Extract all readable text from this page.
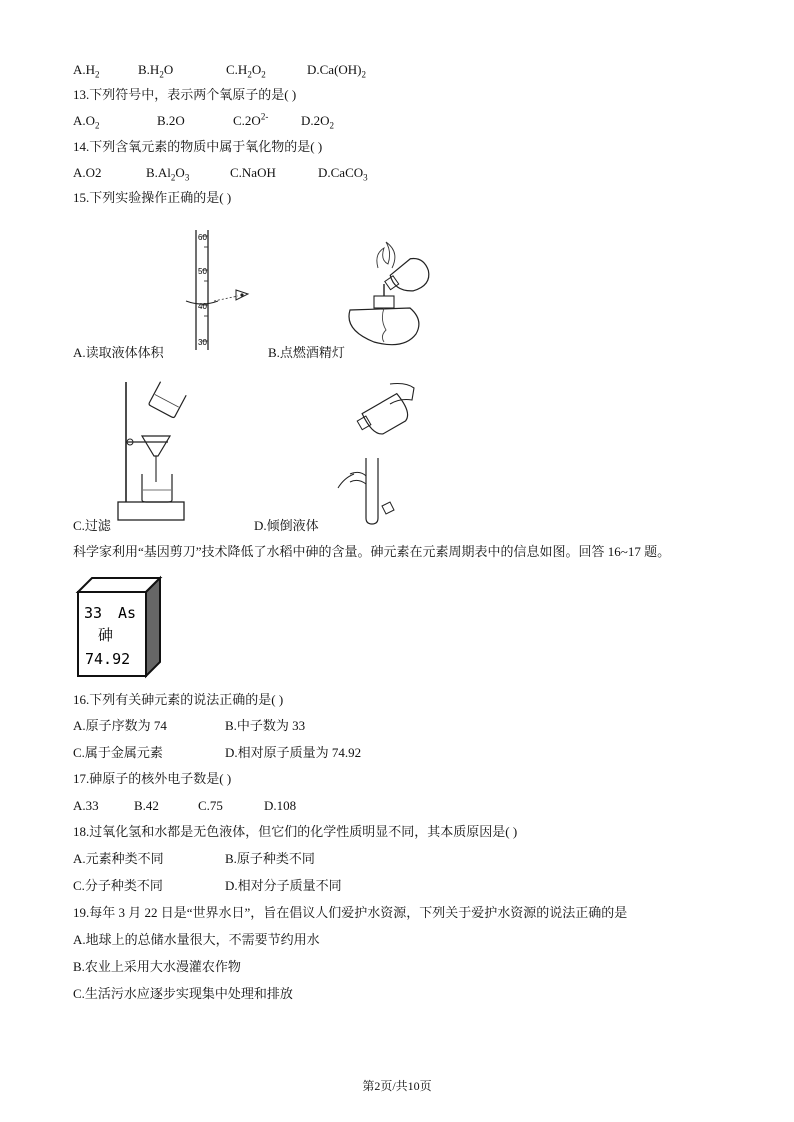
$A.H_2$	$B.H_2O$	$C.H_2O_2$	$D.Ca(OH)_2$
13.下列符号中，表示两个氧原子的是( )
$A.O_2$	B.2O	$C.2O^{2-}$	$D.2O_2$
14.下列含氧元素的物质中属于氧化物的是( )
A.O2	$B.Al_2O_3$	C.NaOH	D.CaCO$_3$
15.下列实验操作正确的是( )
60
50
40
30
A.读取液体体积	B.点燃酒精灯
C.过滤	D.倾倒液体
科学家利用“基因剪刀”技术降低了水稻中砷的含量。砷元素在元素周期表中的信息如图。回答 16~17 题。
33 As
砷
74.92
16.下列有关砷元素的说法正确的是( )
A.原子序数为 74	B.中子数为 33
C.属于金属元素	D.相对原子质量为 74.92
17.砷原子的核外电子数是( )
A.33	B.42	C.75	D.108
18.过氧化氢和水都是无色液体，但它们的化学性质明显不同，其本质原因是( )
A.元素种类不同	B.原子种类不同
C.分子种类不同	D.相对分子质量不同
19.每年 3 月 22 日是“世界水日”，旨在倡议人们爱护水资源，下列关于爱护水资源的说法正确的是
A.地球上的总储水量很大，不需要节约用水
B.农业上采用大水漫灌农作物
C.生活污水应逐步实现集中处理和排放
第2页/共10页
